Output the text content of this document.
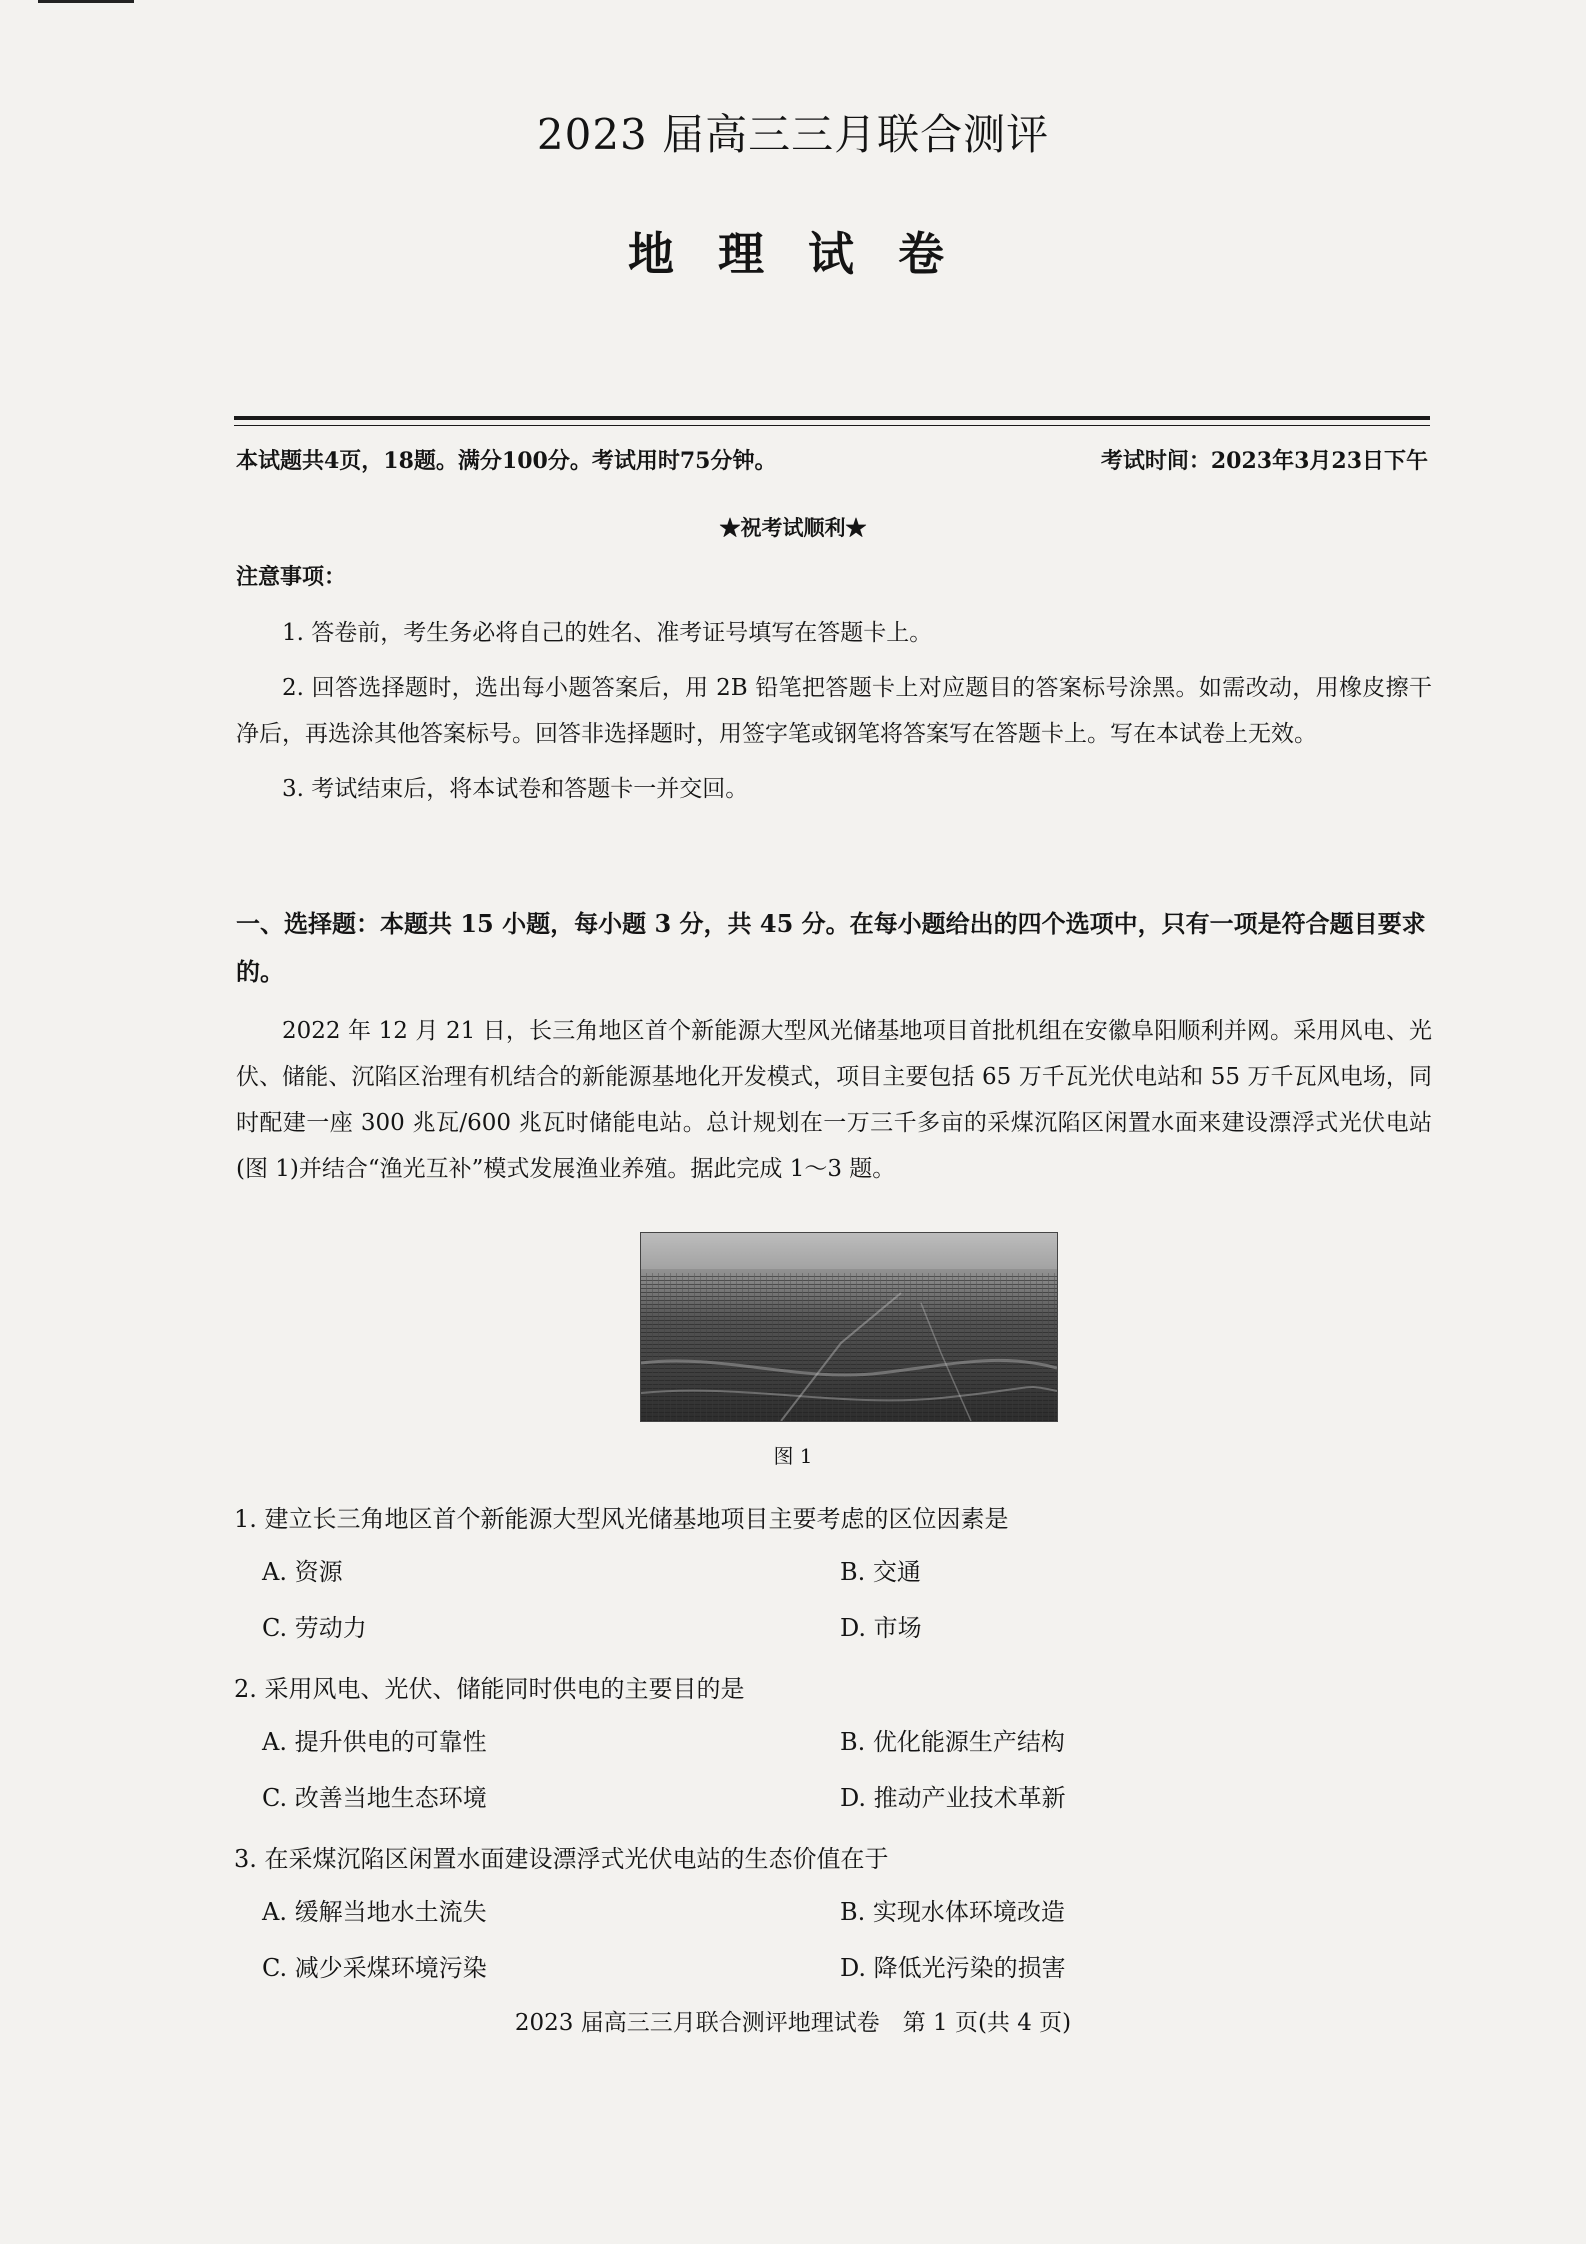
2023 届高三三月联合测评
地 理 试 卷
本试题共4页，18题。满分100分。考试用时75分钟。	考试时间：2023年3月23日下午
★祝考试顺利★
注意事项：

1. 答卷前，考生务必将自己的姓名、准考证号填写在答题卡上。

2. 回答选择题时，选出每小题答案后，用 2B 铅笔把答题卡上对应题目的答案标号涂黑。如需改动，用橡皮擦干净后，再选涂其他答案标号。回答非选择题时，用签字笔或钢笔将答案写在答题卡上。写在本试卷上无效。

3. 考试结束后，将本试卷和答题卡一并交回。

一、选择题：本题共 15 小题，每小题 3 分，共 45 分。在每小题给出的四个选项中，只有一项是符合题目要求的。
2022 年 12 月 21 日，长三角地区首个新能源大型风光储基地项目首批机组在安徽阜阳顺利并网。采用风电、光伏、储能、沉陷区治理有机结合的新能源基地化开发模式，项目主要包括 65 万千瓦光伏电站和 55 万千瓦风电场，同时配建一座 300 兆瓦/600 兆瓦时储能电站。总计规划在一万三千多亩的采煤沉陷区闲置水面来建设漂浮式光伏电站(图 1)并结合“渔光互补”模式发展渔业养殖。据此完成 1～3 题。
图 1
1. 建立长三角地区首个新能源大型风光储基地项目主要考虑的区位因素是
A. 资源	B. 交通
C. 劳动力	D. 市场
2. 采用风电、光伏、储能同时供电的主要目的是
A. 提升供电的可靠性	B. 优化能源生产结构
C. 改善当地生态环境	D. 推动产业技术革新
3. 在采煤沉陷区闲置水面建设漂浮式光伏电站的生态价值在于
A. 缓解当地水土流失	B. 实现水体环境改造
C. 减少采煤环境污染	D. 降低光污染的损害
2023 届高三三月联合测评地理试卷　第 1 页(共 4 页)
